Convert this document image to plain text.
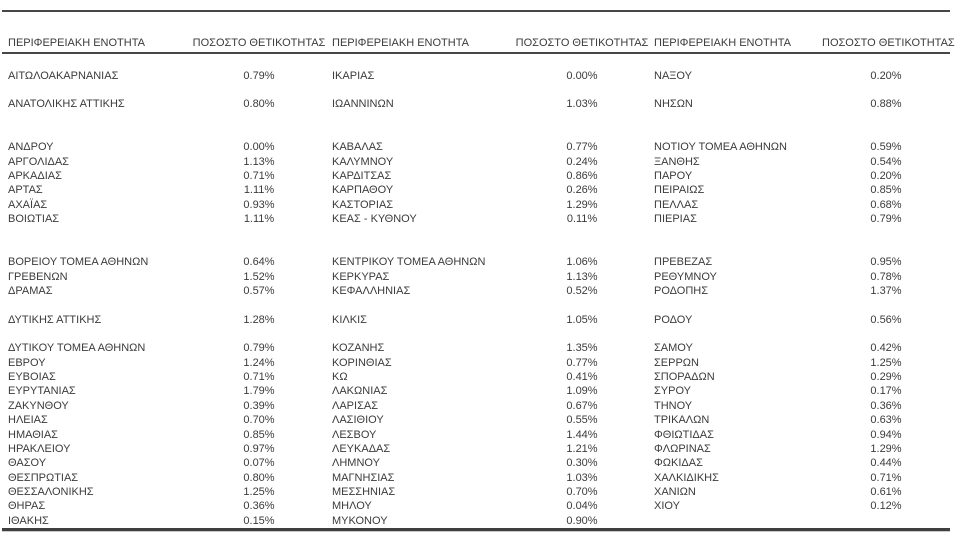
ΠΕΡΙΦΕΡΕΙΑΚΗ ΕΝΟΤΗΤΑ	ΠΟΣΟΣΤΟ ΘΕΤΙΚΟΤΗΤΑΣ ΠΕΡΙΦΕΡΕΙΑΚΗ ΕΝΟΤΗΤΑ	ΠΟΣΟΣΤΟ ΘΕΤΙΚΟΤΗΤΑΣ ΠΕΡΙΦΕΡΕΙΑΚΗ ΕΝΟΤΗΤΑ	ΠΟΣΟΣΤΟ ΘΕΤΙΚΟΤΗΤΑΣ
ΑΙΤΩΛΟΑΚΑΡΝΑΝΙΑΣ	0.79%	ΙΚΑΡΙΑΣ	0.00%	ΝΑΞΟΥ	0.20%
ΑΝΑΤΟΛΙΚΗΣ ΑΤΤΙΚΗΣ	0.80%	ΙΩΑΝΝΙΝΩΝ	1.03%	ΝΗΣΩΝ	0.88%
ΑΝΔΡΟΥ	0.00%	ΚΑΒΑΛΑΣ	0.77%	ΝΟΤΙΟΥ ΤΟΜΕΑ ΑΘΗΝΩΝ	0.59%
ΑΡΓΟΛΙΔΑΣ	1.13%	ΚΑΛΥΜΝΟΥ	0.24%	ΞΑΝΘΗΣ	0.54%
ΑΡΚΑΔΙΑΣ	0.71%	ΚΑΡΔΙΤΣΑΣ	0.86%	ΠΑΡΟΥ	0.20%
ΑΡΤΑΣ	1.11%	ΚΑΡΠΑΘΟΥ	0.26%	ΠΕΙΡΑΙΩΣ	0.85%
ΑΧΑΪΑΣ	0.93%	ΚΑΣΤΟΡΙΑΣ	1.29%	ΠΕΛΛΑΣ	0.68%
ΒΟΙΩΤΙΑΣ	1.11%	ΚΕΑΣ - ΚΥΘΝΟΥ	0.11%	ΠΙΕΡΙΑΣ	0.79%
ΒΟΡΕΙΟΥ ΤΟΜΕΑ ΑΘΗΝΩΝ	0.64%	ΚΕΝΤΡΙΚΟΥ ΤΟΜΕΑ ΑΘΗΝΩΝ	1.06%	ΠΡΕΒΕΖΑΣ	0.95%
ΓΡΕΒΕΝΩΝ	1.52%	ΚΕΡΚΥΡΑΣ	1.13%	ΡΕΘΥΜΝΟΥ	0.78%
ΔΡΑΜΑΣ	0.57%	ΚΕΦΑΛΛΗΝΙΑΣ	0.52%	ΡΟΔΟΠΗΣ	1.37%
ΔΥΤΙΚΗΣ ΑΤΤΙΚΗΣ	1.28%	ΚΙΛΚΙΣ	1.05%	ΡΟΔΟΥ	0.56%
ΔΥΤΙΚΟΥ ΤΟΜΕΑ ΑΘΗΝΩΝ	0.79%	ΚΟΖΑΝΗΣ	1.35%	ΣΑΜΟΥ	0.42%
ΕΒΡΟΥ	1.24%	ΚΟΡΙΝΘΙΑΣ	0.77%	ΣΕΡΡΩΝ	1.25%
ΕΥΒΟΙΑΣ	0.71%	ΚΩ	0.41%	ΣΠΟΡΑΔΩΝ	0.29%
ΕΥΡΥΤΑΝΙΑΣ	1.79%	ΛΑΚΩΝΙΑΣ	1.09%	ΣΥΡΟΥ	0.17%
ΖΑΚΥΝΘΟΥ	0.39%	ΛΑΡΙΣΑΣ	0.67%	ΤΗΝΟΥ	0.36%
ΗΛΕΙΑΣ	0.70%	ΛΑΣΙΘΙΟΥ	0.55%	ΤΡΙΚΑΛΩΝ	0.63%
ΗΜΑΘΙΑΣ	0.85%	ΛΕΣΒΟΥ	1.44%	ΦΘΙΩΤΙΔΑΣ	0.94%
ΗΡΑΚΛΕΙΟΥ	0.97%	ΛΕΥΚΑΔΑΣ	1.21%	ΦΛΩΡΙΝΑΣ	1.29%
ΘΑΣΟΥ	0.07%	ΛΗΜΝΟΥ	0.30%	ΦΩΚΙΔΑΣ	0.44%
ΘΕΣΠΡΩΤΙΑΣ	0.80%	ΜΑΓΝΗΣΙΑΣ	1.03%	ΧΑΛΚΙΔΙΚΗΣ	0.71%
ΘΕΣΣΑΛΟΝΙΚΗΣ	1.25%	ΜΕΣΣΗΝΙΑΣ	0.70%	ΧΑΝΙΩΝ	0.61%
ΘΗΡΑΣ	0.36%	ΜΗΛΟΥ	0.04%	ΧΙΟΥ	0.12%
ΙΘΑΚΗΣ	0.15%	ΜΥΚΟΝΟΥ	0.90%
